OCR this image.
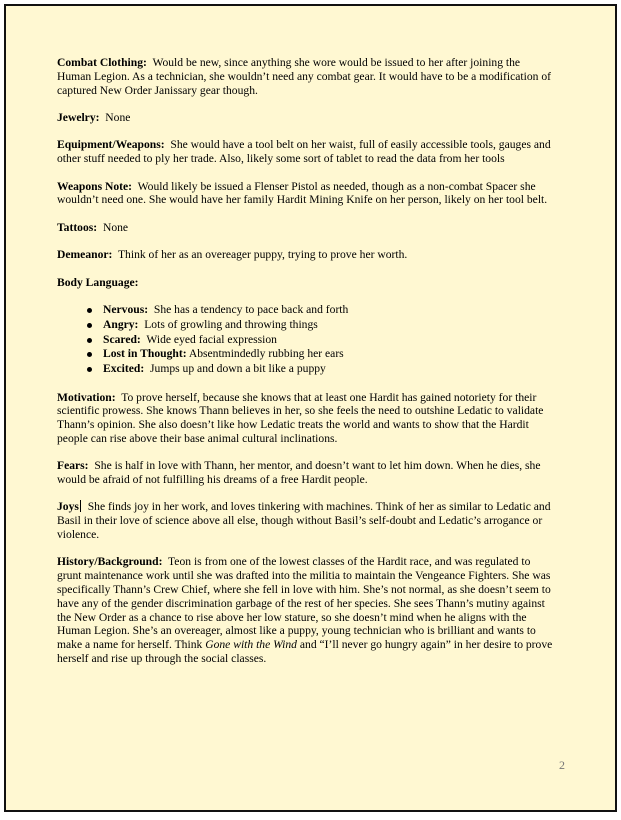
Combat Clothing: Would be new, since anything she wore would be issued to her after joining the Human Legion. As a technician, she wouldn’t need any combat gear. It would have to be a modification of captured New Order Janissary gear though.

Jewelry: None

Equipment/Weapons: She would have a tool belt on her waist, full of easily accessible tools, gauges and other stuff needed to ply her trade. Also, likely some sort of tablet to read the data from her tools

Weapons Note: Would likely be issued a Flenser Pistol as needed, though as a non-combat Spacer she wouldn’t need one. She would have her family Hardit Mining Knife on her person, likely on her tool belt.

Tattoos: None

Demeanor: Think of her as an overeager puppy, trying to prove her worth.

Body Language:

Nervous: She has a tendency to pace back and forth
Angry: Lots of growling and throwing things
Scared: Wide eyed facial expression
Lost in Thought: Absentmindedly rubbing her ears
Excited: Jumps up and down a bit like a puppy

Motivation: To prove herself, because she knows that at least one Hardit has gained notoriety for their scientific prowess. She knows Thann believes in her, so she feels the need to outshine Ledatic to validate Thann’s opinion. She also doesn’t like how Ledatic treats the world and wants to show that the Hardit people can rise above their base animal cultural inclinations.

Fears: She is half in love with Thann, her mentor, and doesn’t want to let him down. When he dies, she would be afraid of not fulfilling his dreams of a free Hardit people.

Joys She finds joy in her work, and loves tinkering with machines. Think of her as similar to Ledatic and Basil in their love of science above all else, though without Basil’s self-doubt and Ledatic’s arrogance or violence.

History/Background: Teon is from one of the lowest classes of the Hardit race, and was regulated to grunt maintenance work until she was drafted into the militia to maintain the Vengeance Fighters. She was specifically Thann’s Crew Chief, where she fell in love with him. She’s not normal, as she doesn’t seem to have any of the gender discrimination garbage of the rest of her species. She sees Thann’s mutiny against the New Order as a chance to rise above her low stature, so she doesn’t mind when he aligns with the Human Legion. She’s an overeager, almost like a puppy, young technician who is brilliant and wants to make a name for herself. Think Gone with the Wind and “I’ll never go hungry again” in her desire to prove herself and rise up through the social classes.

2
